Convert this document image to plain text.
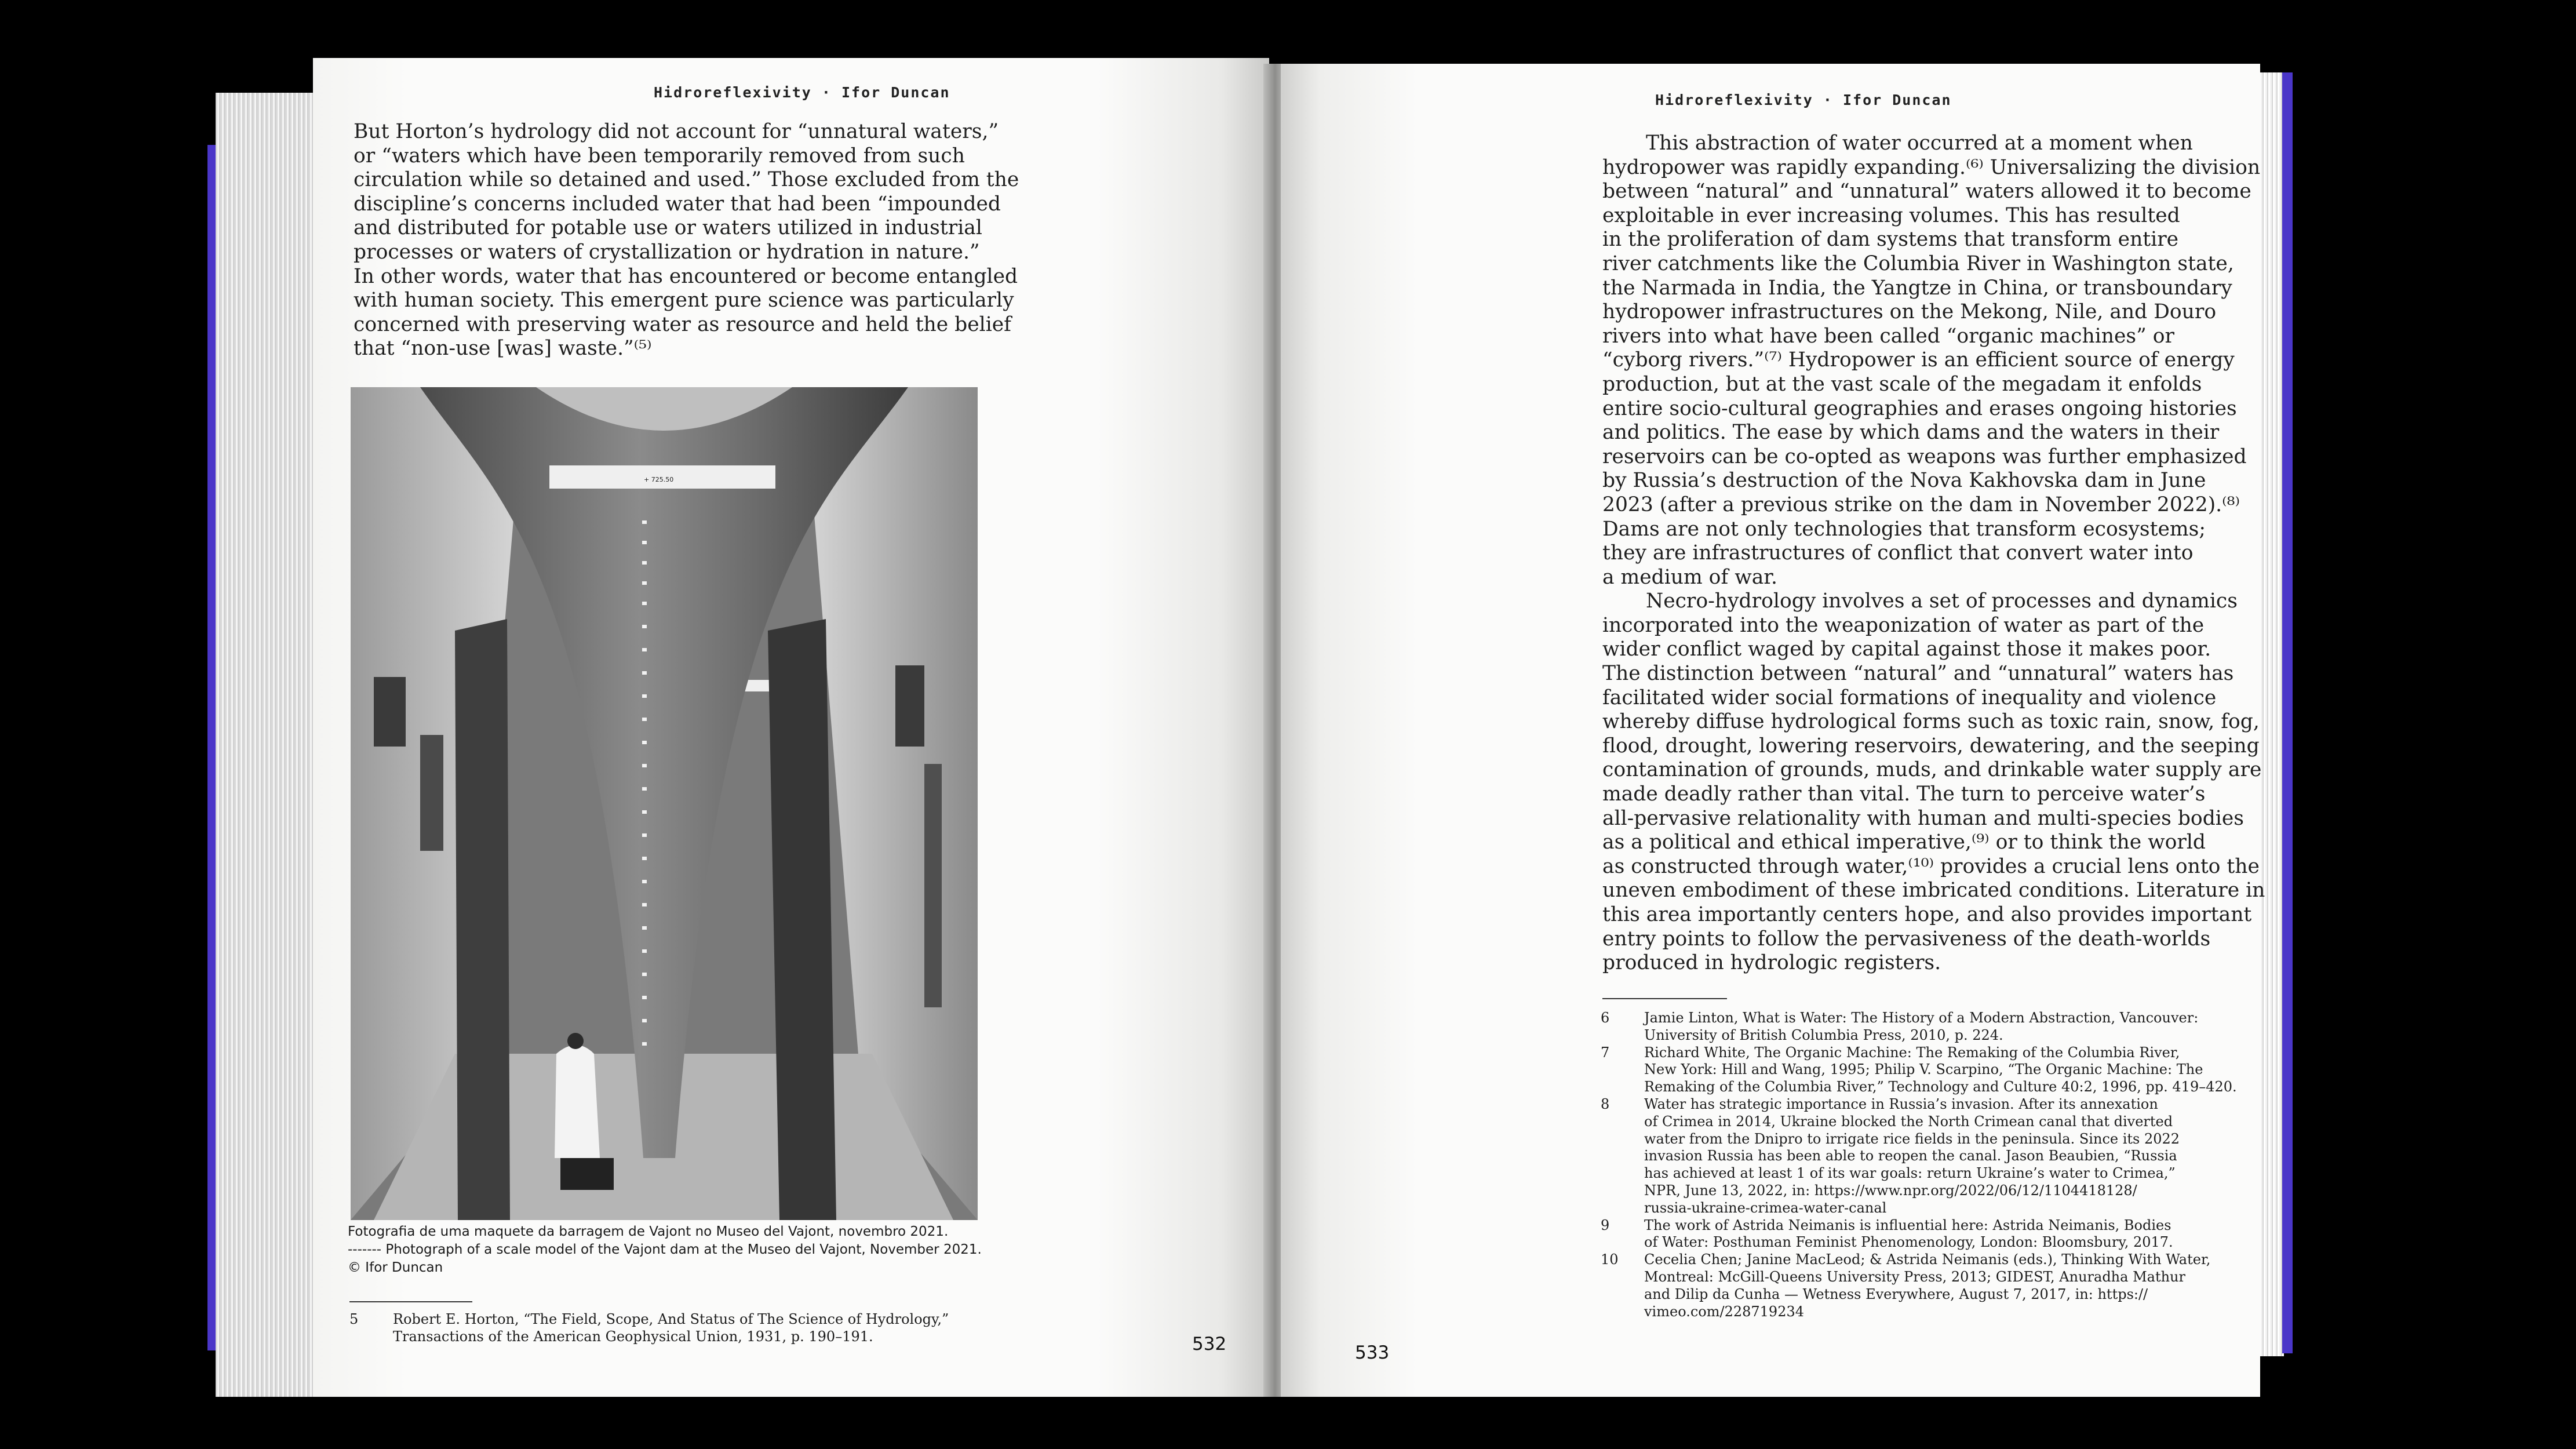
Hidroreflexivity · Ifor Duncan
But Horton’s hydrology did not account for “unnatural waters,”
or “waters which have been temporarily removed from such
circulation while so detained and used.” Those excluded from the
discipline’s concerns included water that had been “impounded
and distributed for potable use or waters utilized in industrial
processes or waters of crystallization or hydration in nature.”
In other words, water that has encountered or become entangled
with human society. This emergent pure science was particularly
concerned with preserving water as resource and held the belief
that “non-use [was] waste.”⁽⁵⁾
+ 725.50
Fotografia de uma maquete da barragem de Vajont no Museo del Vajont, novembro 2021.
------- Photograph of a scale model of the Vajont dam at the Museo del Vajont, November 2021.
© Ifor Duncan
5 Robert E. Horton, “The Field, Scope, And Status of The Science of Hydrology,”
Transactions of the American Geophysical Union, 1931, p. 190–191.	532
Hidroreflexivity · Ifor Duncan
This abstraction of water occurred at a moment when
hydropower was rapidly expanding.⁽⁶⁾ Universalizing the division
between “natural” and “unnatural” waters allowed it to become
exploitable in ever increasing volumes. This has resulted
in the proliferation of dam systems that transform entire
river catchments like the Columbia River in Washington state,
the Narmada in India, the Yangtze in China, or transboundary
hydropower infrastructures on the Mekong, Nile, and Douro
rivers into what have been called “organic machines” or
“cyborg rivers.”⁽⁷⁾ Hydropower is an efficient source of energy
production, but at the vast scale of the megadam it enfolds
entire socio-cultural geographies and erases ongoing histories
and politics. The ease by which dams and the waters in their
reservoirs can be co-opted as weapons was further emphasized
by Russia’s destruction of the Nova Kakhovska dam in June
2023 (after a previous strike on the dam in November 2022).⁽⁸⁾
Dams are not only technologies that transform ecosystems;
they are infrastructures of conflict that convert water into
a medium of war.
Necro-hydrology involves a set of processes and dynamics
incorporated into the weaponization of water as part of the
wider conflict waged by capital against those it makes poor.
The distinction between “natural” and “unnatural” waters has
facilitated wider social formations of inequality and violence
whereby diffuse hydrological forms such as toxic rain, snow, fog,
flood, drought, lowering reservoirs, dewatering, and the seeping
contamination of grounds, muds, and drinkable water supply are
made deadly rather than vital. The turn to perceive water’s
all-pervasive relationality with human and multi-species bodies
as a political and ethical imperative,⁽⁹⁾ or to think the world
as constructed through water,⁽¹⁰⁾ provides a crucial lens onto the
uneven embodiment of these imbricated conditions. Literature in
this area importantly centers hope, and also provides important
entry points to follow the pervasiveness of the death-worlds
produced in hydrologic registers.
6 Jamie Linton, What is Water: The History of a Modern Abstraction, Vancouver:
University of British Columbia Press, 2010, p. 224.
7 Richard White, The Organic Machine: The Remaking of the Columbia River,
New York: Hill and Wang, 1995; Philip V. Scarpino, “The Organic Machine: The
Remaking of the Columbia River,” Technology and Culture 40:2, 1996, pp. 419–420.
8 Water has strategic importance in Russia’s invasion. After its annexation
of Crimea in 2014, Ukraine blocked the North Crimean canal that diverted
water from the Dnipro to irrigate rice fields in the peninsula. Since its 2022
invasion Russia has been able to reopen the canal. Jason Beaubien, “Russia
has achieved at least 1 of its war goals: return Ukraine’s water to Crimea,”
NPR, June 13, 2022, in: https://www.npr.org/2022/06/12/1104418128/
russia-ukraine-crimea-water-canal
9 The work of Astrida Neimanis is influential here: Astrida Neimanis, Bodies
of Water: Posthuman Feminist Phenomenology, London: Bloomsbury, 2017.
10 Cecelia Chen; Janine MacLeod; & Astrida Neimanis (eds.), Thinking With Water,
Montreal: McGill-Queens University Press, 2013; GIDEST, Anuradha Mathur
and Dilip da Cunha — Wetness Everywhere, August 7, 2017, in: https://
vimeo.com/228719234
533
